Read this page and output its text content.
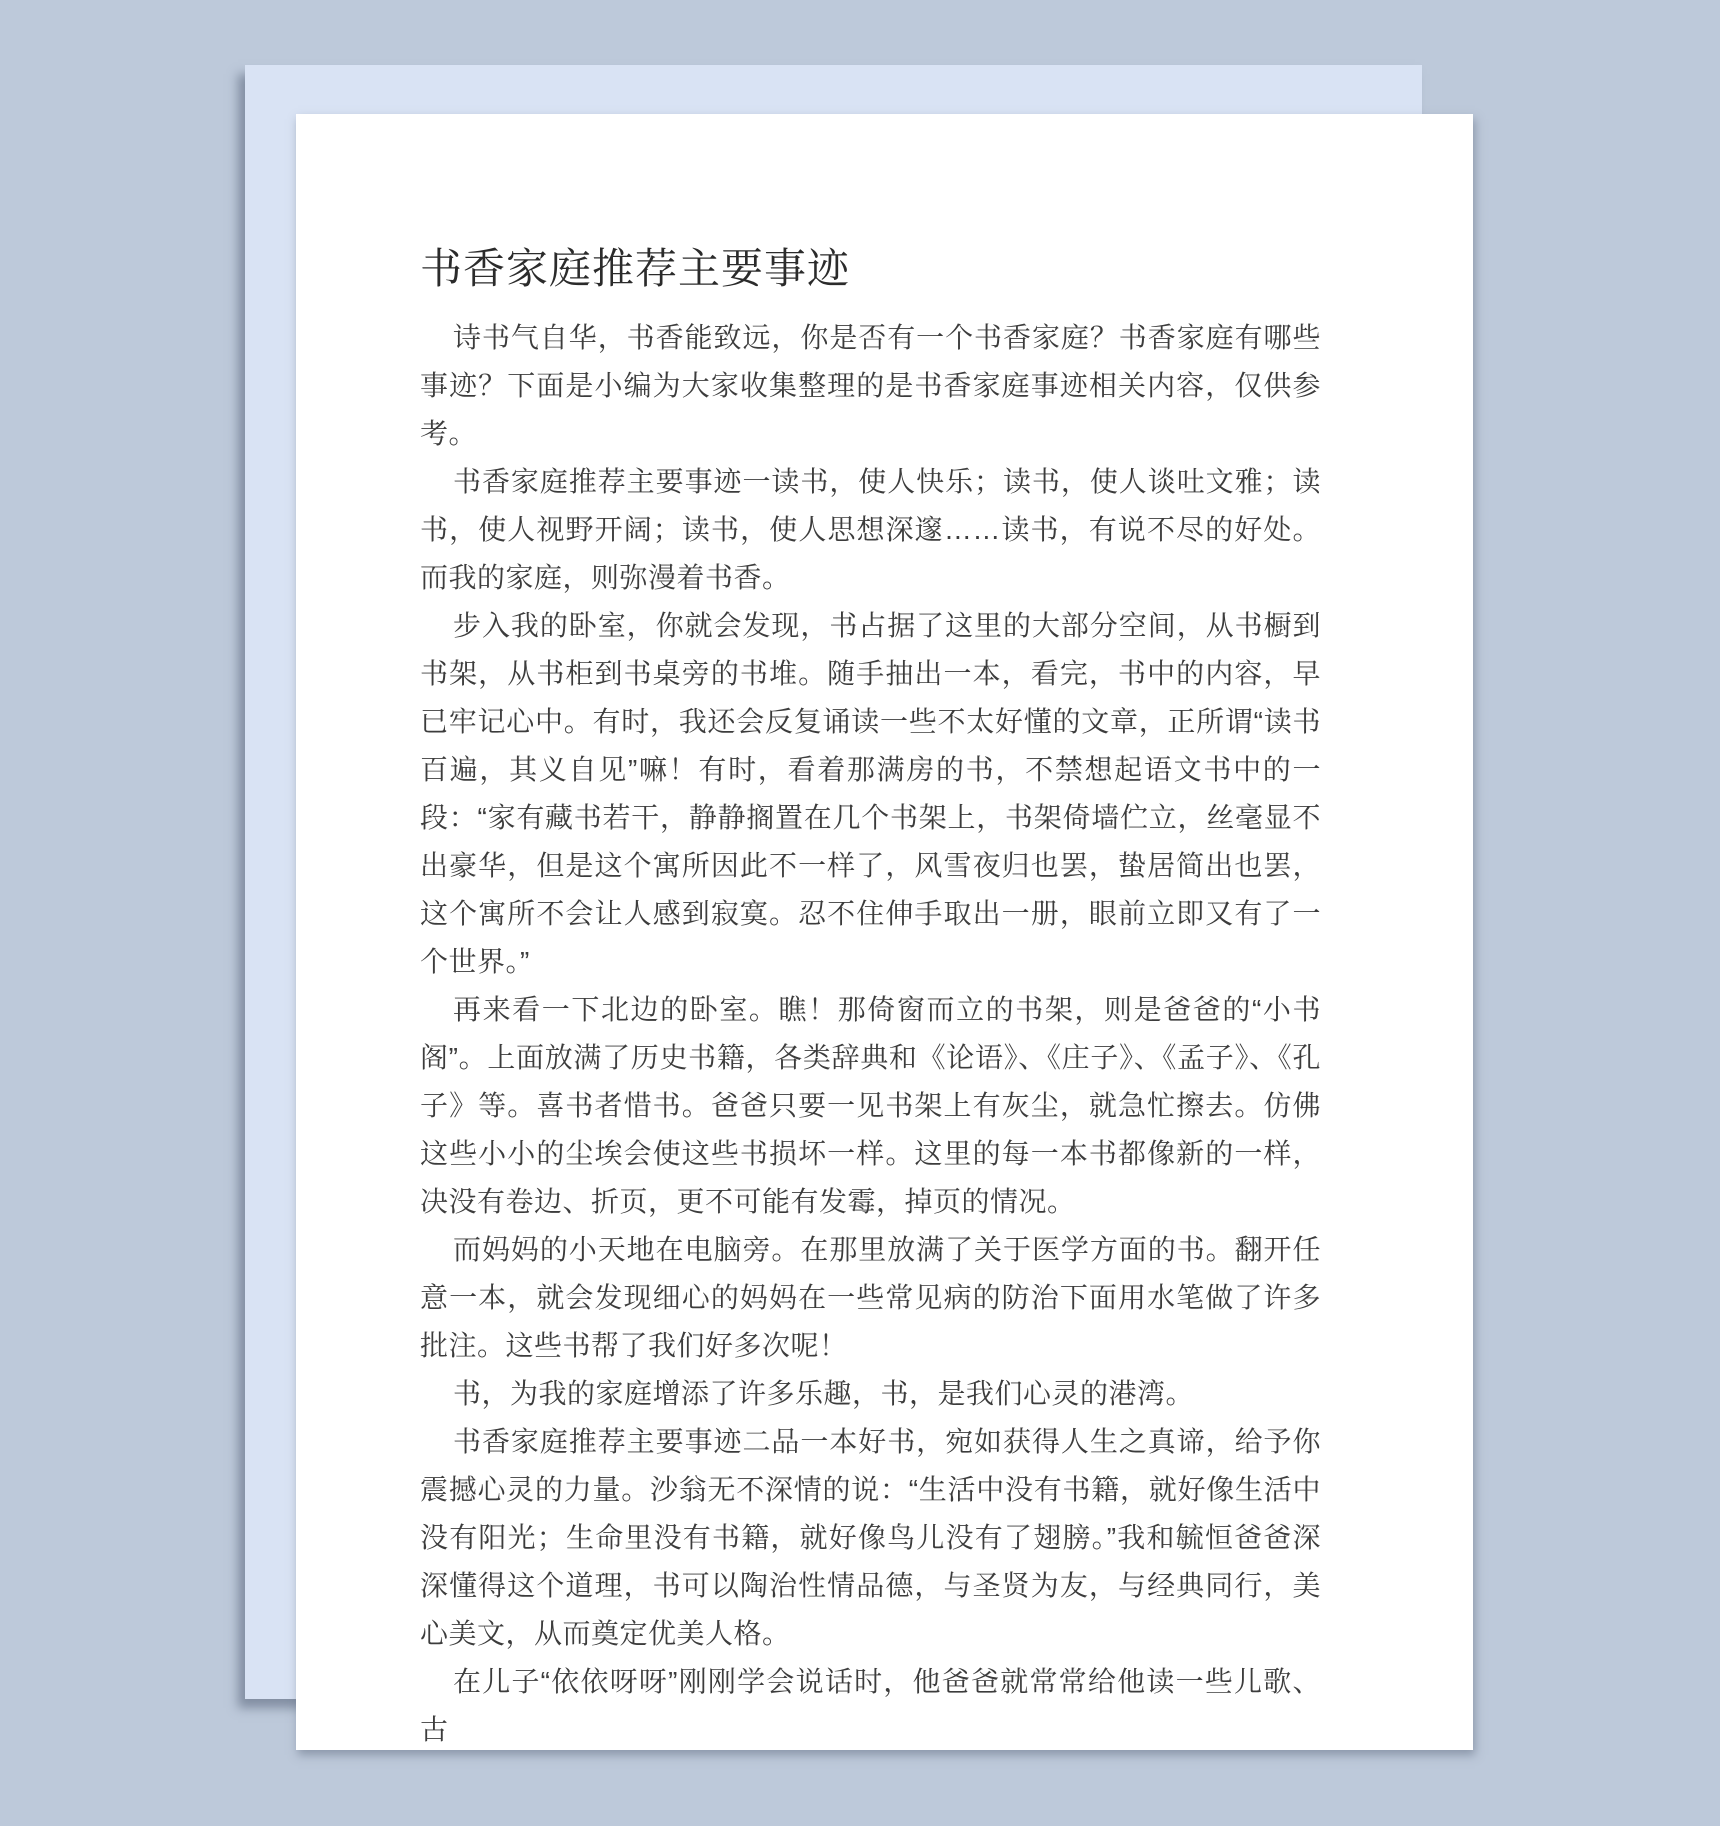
书香家庭推荐主要事迹

诗书气自华，书香能致远，你是否有一个书香家庭？书香家庭有哪些事迹？下面是小编为大家收集整理的是书香家庭事迹相关内容，仅供参考。

书香家庭推荐主要事迹一读书，使人快乐；读书，使人谈吐文雅；读书，使人视野开阔；读书，使人思想深邃……读书，有说不尽的好处。而我的家庭，则弥漫着书香。

步入我的卧室，你就会发现，书占据了这里的大部分空间，从书橱到书架，从书柜到书桌旁的书堆。随手抽出一本，看完，书中的内容，早已牢记心中。有时，我还会反复诵读一些不太好懂的文章，正所谓“读书百遍，其义自见”嘛！有时，看着那满房的书，不禁想起语文书中的一段：“家有藏书若干，静静搁置在几个书架上，书架倚墙伫立，丝毫显不出豪华，但是这个寓所因此不一样了，风雪夜归也罢，蛰居简出也罢，这个寓所不会让人感到寂寞。忍不住伸手取出一册，眼前立即又有了一个世界。”

再来看一下北边的卧室。瞧！那倚窗而立的书架，则是爸爸的“小书阁”。上面放满了历史书籍，各类辞典和《论语》、《庄子》、《孟子》、《孔子》等。喜书者惜书。爸爸只要一见书架上有灰尘，就急忙擦去。仿佛这些小小的尘埃会使这些书损坏一样。这里的每一本书都像新的一样，决没有卷边、折页，更不可能有发霉，掉页的情况。

而妈妈的小天地在电脑旁。在那里放满了关于医学方面的书。翻开任意一本，就会发现细心的妈妈在一些常见病的防治下面用水笔做了许多批注。这些书帮了我们好多次呢！

书，为我的家庭增添了许多乐趣，书，是我们心灵的港湾。

书香家庭推荐主要事迹二品一本好书，宛如获得人生之真谛，给予你震撼心灵的力量。沙翁无不深情的说：“生活中没有书籍，就好像生活中没有阳光；生命里没有书籍，就好像鸟儿没有了翅膀。”我和毓恒爸爸深深懂得这个道理，书可以陶治性情品德，与圣贤为友，与经典同行，美心美文，从而奠定优美人格。

在儿子“依依呀呀”刚刚学会说话时，他爸爸就常常给他读一些儿歌、古
